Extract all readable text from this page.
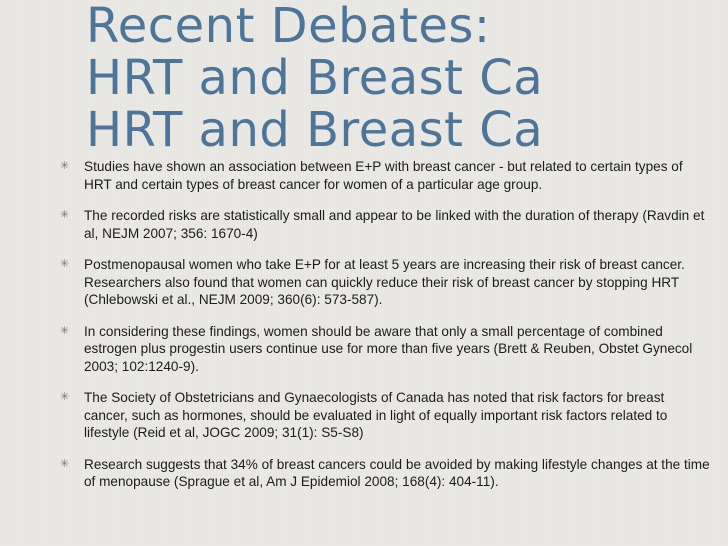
Recent Debates:
HRT and Breast Ca
HRT and Breast Ca
✳ Studies have shown an association between E+P with breast cancer - but related to certain types of HRT and certain types of breast cancer for women of a particular age group.
✳ The recorded risks are statistically small and appear to be linked with the duration of therapy (Ravdin et al, NEJM 2007; 356: 1670-4)
✳ Postmenopausal women who take E+P for at least 5 years are increasing their risk of breast cancer. Researchers also found that women can quickly reduce their risk of breast cancer by stopping HRT (Chlebowski et al., NEJM 2009; 360(6): 573-587).
✳ In considering these findings, women should be aware that only a small percentage of combined estrogen plus progestin users continue use for more than five years (Brett & Reuben, Obstet Gynecol 2003; 102:1240-9).
✳ The Society of Obstetricians and Gynaecologists of Canada has noted that risk factors for breast cancer, such as hormones, should be evaluated in light of equally important risk factors related to lifestyle (Reid et al, JOGC 2009; 31(1): S5-S8)
✳ Research suggests that 34% of breast cancers could be avoided by making lifestyle changes at the time of menopause (Sprague et al, Am J Epidemiol 2008; 168(4): 404-11).
